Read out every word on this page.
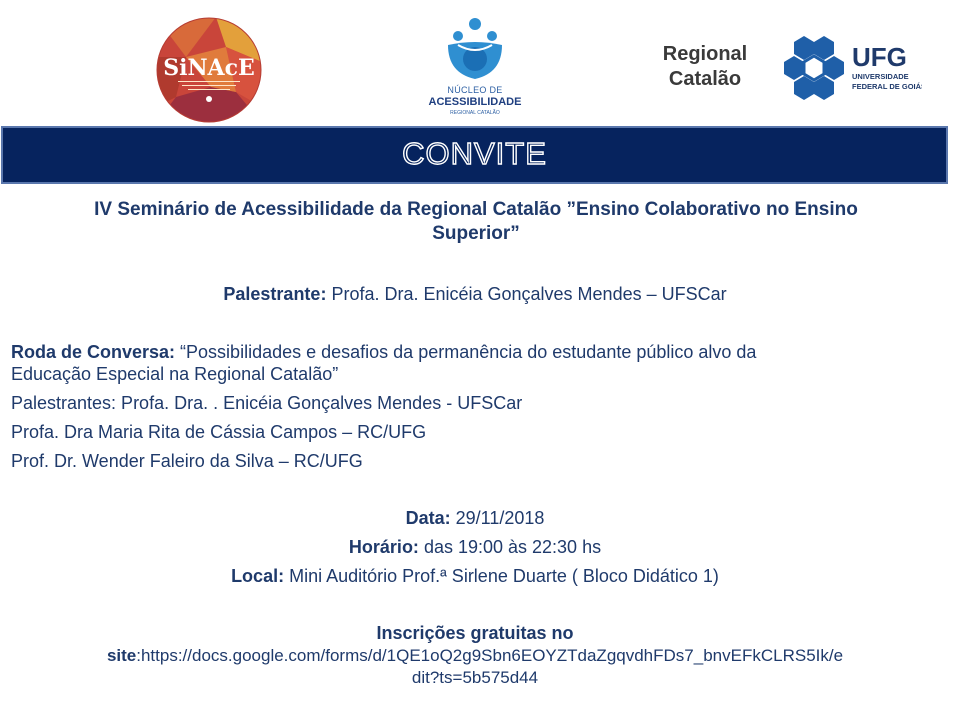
SiNAcE
NÚCLEO DE
ACESSIBILIDADE
REGIONAL CATALÃO
Regional
Catalão
UFG
UNIVERSIDADE
FEDERAL DE GOIÁS
CONVITE
IV Seminário de Acessibilidade da Regional Catalão ”Ensino Colaborativo no Ensino
Superior”
Palestrante: Profa. Dra. Enicéia Gonçalves Mendes – UFSCar
Roda de Conversa: “Possibilidades e desafios da permanência do estudante público alvo da
Educação Especial na Regional Catalão”
Palestrantes: Profa. Dra. . Enicéia Gonçalves Mendes - UFSCar
Profa. Dra Maria Rita de Cássia Campos – RC/UFG
Prof. Dr. Wender Faleiro da Silva – RC/UFG
Data: 29/11/2018
Horário: das 19:00 às 22:30 hs
Local: Mini Auditório Prof.ª Sirlene Duarte ( Bloco Didático 1)
Inscrições gratuitas no
site:https://docs.google.com/forms/d/1QE1oQ2g9Sbn6EOYZTdaZgqvdhFDs7_bnvEFkCLRS5Ik/e
dit?ts=5b575d44
